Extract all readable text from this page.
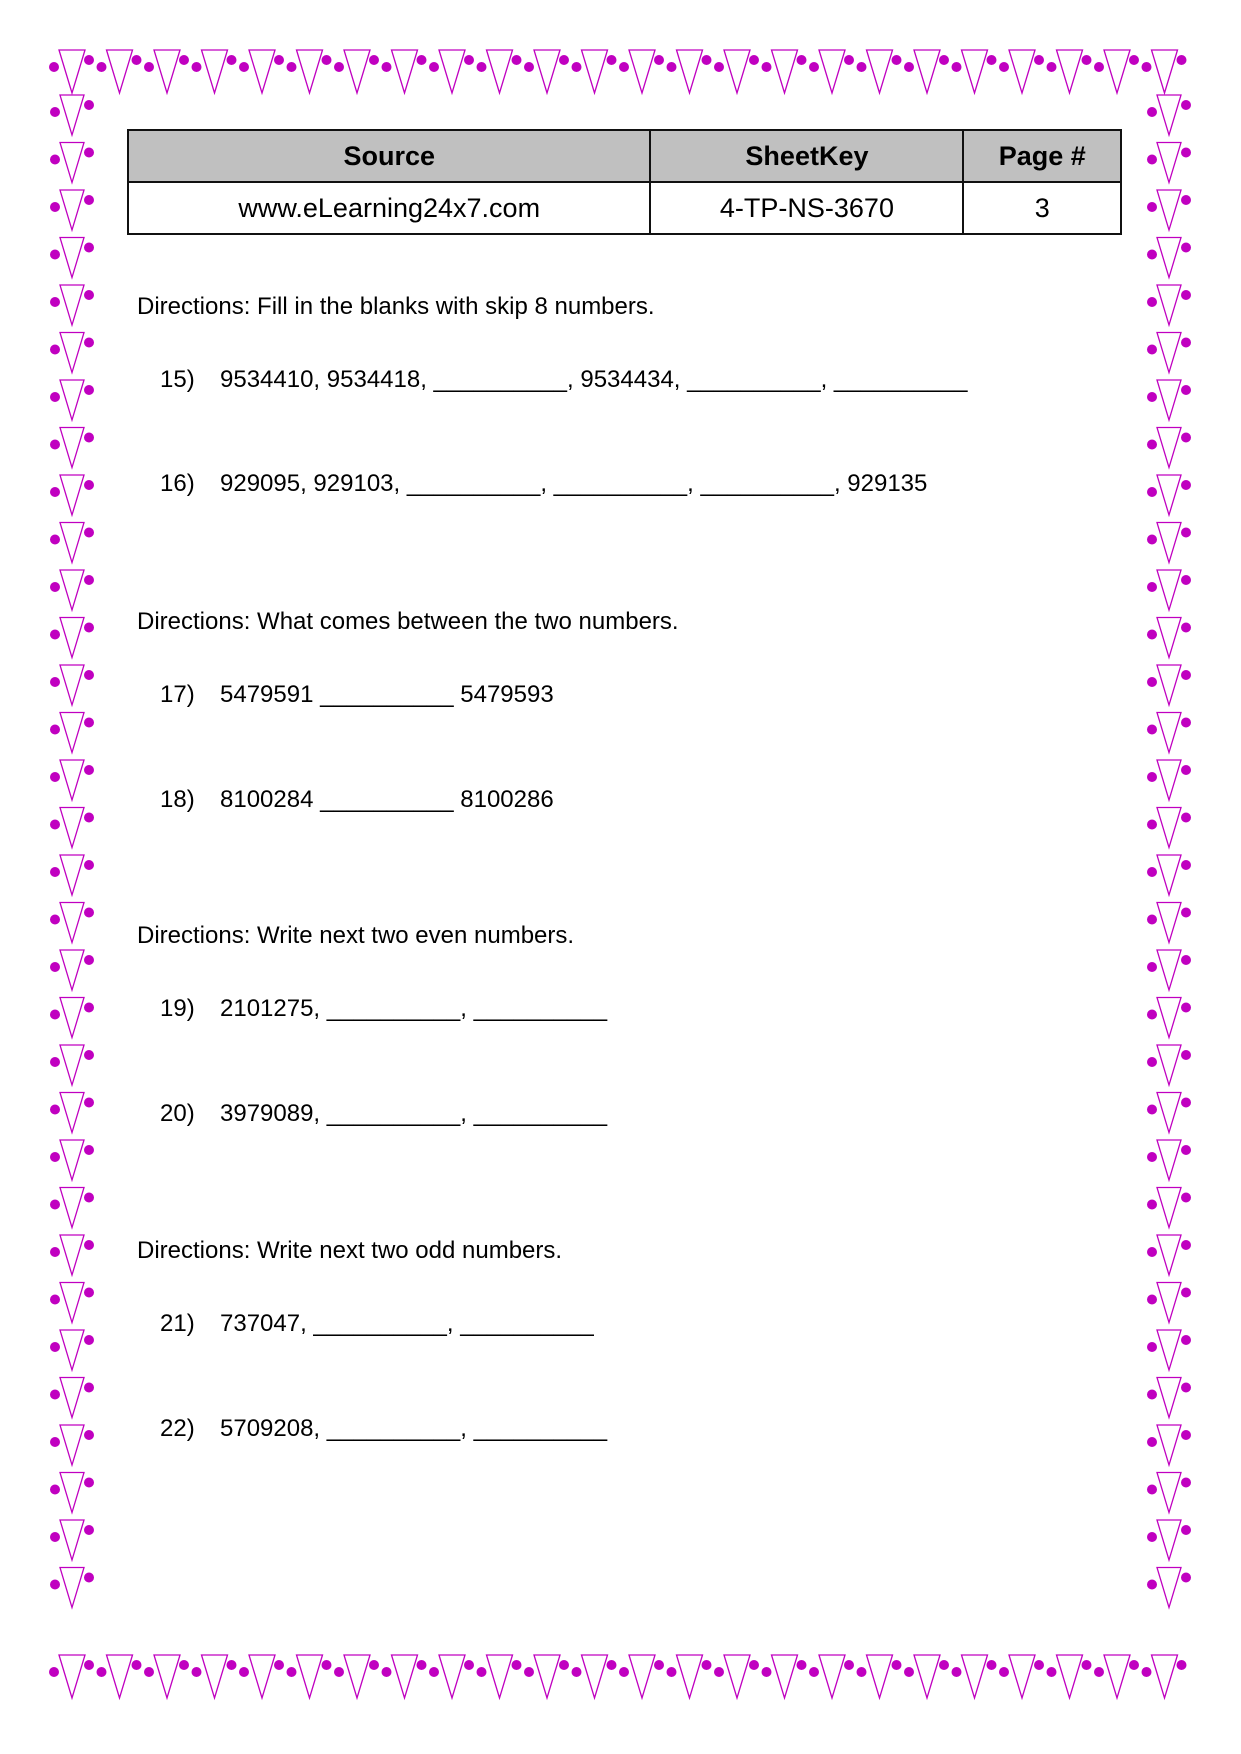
Source	SheetKey	Page #
www.eLearning24x7.com	4-TP-NS-3670	3
Directions: Fill in the blanks with skip 8 numbers.
15) 9534410, 9534418, __________, 9534434, __________, __________
16) 929095, 929103, __________, __________, __________, 929135
Directions: What comes between the two numbers.
17) 5479591 __________ 5479593
18) 8100284 __________ 8100286
Directions: Write next two even numbers.
19) 2101275, __________, __________
20) 3979089, __________, __________
Directions: Write next two odd numbers.
21) 737047, __________, __________
22) 5709208, __________, __________
